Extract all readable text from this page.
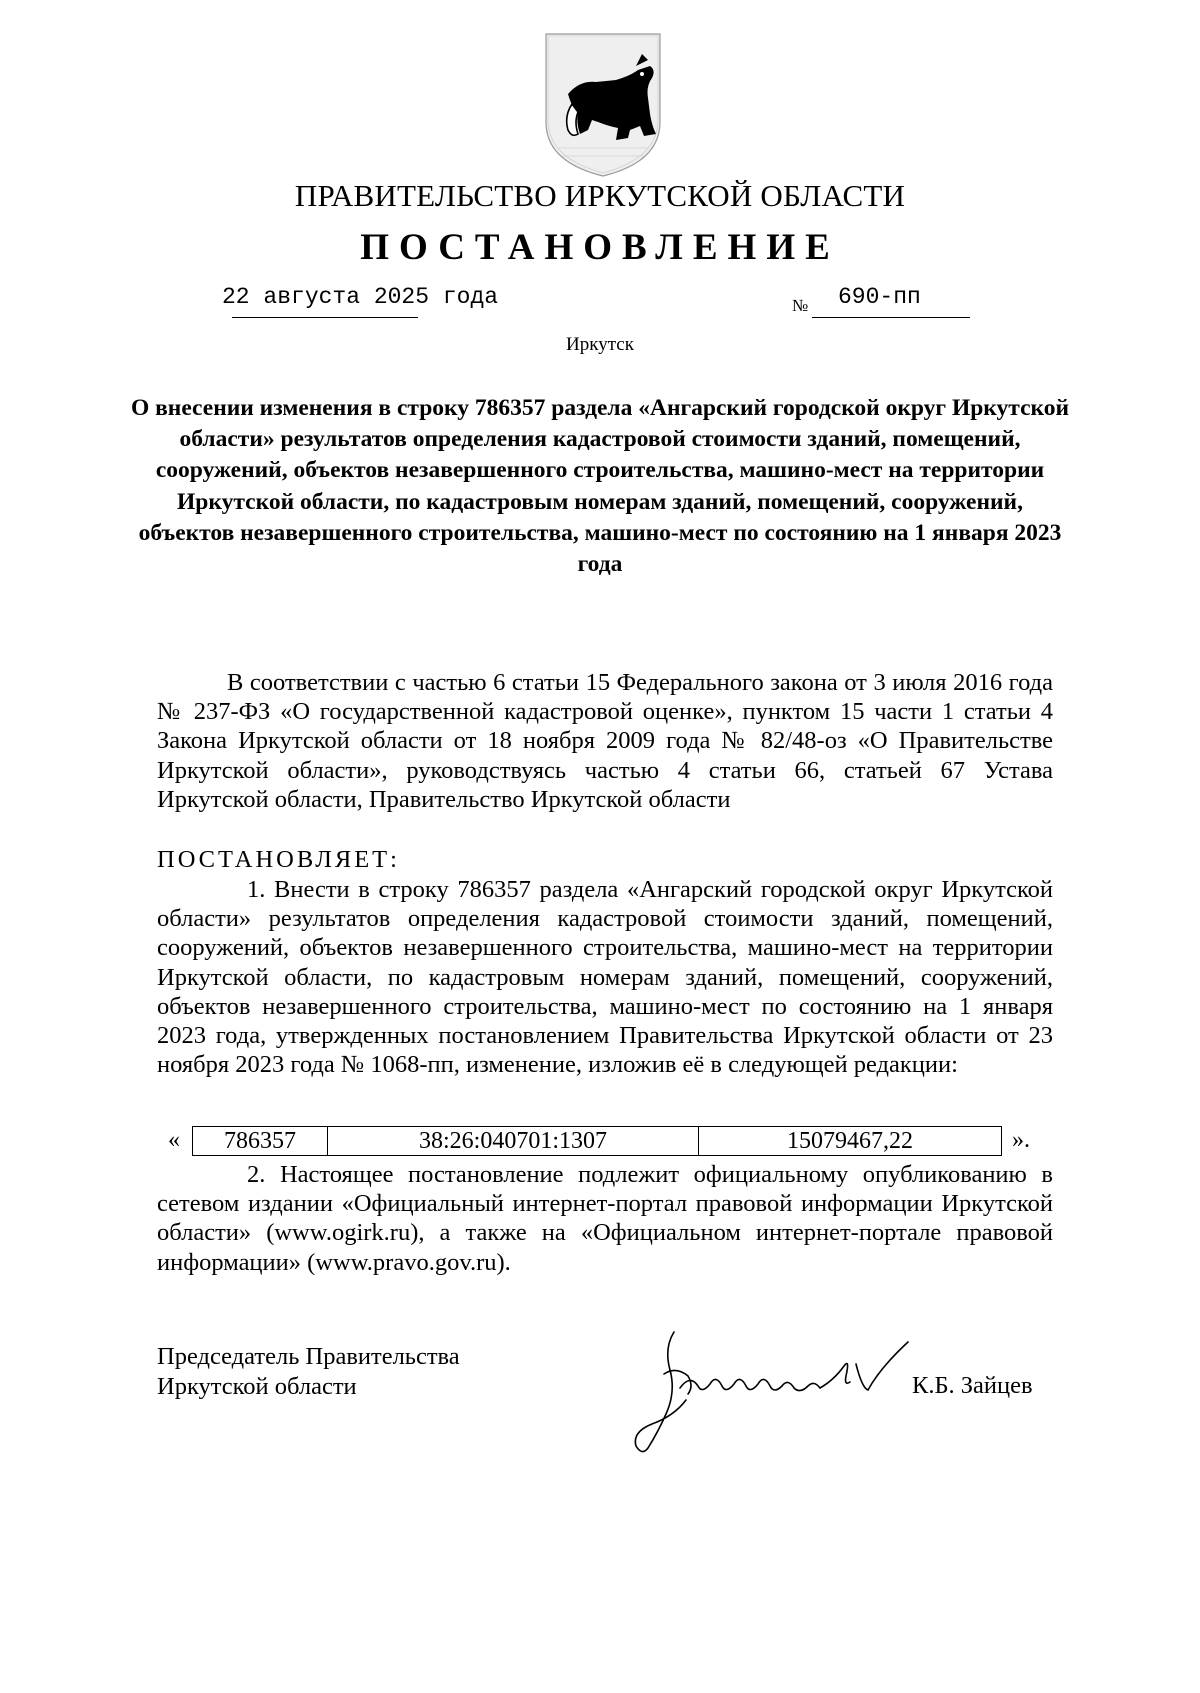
ПРАВИТЕЛЬСТВО ИРКУТСКОЙ ОБЛАСТИ
ПОСТАНОВЛЕНИЕ
22 августа 2025 года	№ 690-пп
Иркутск
О внесении изменения в строку 786357 раздела «Ангарский городской округ Иркутской области» результатов определения кадастровой стоимости зданий, помещений, сооружений, объектов незавершенного строительства, машино-мест на территории Иркутской области, по кадастровым номерам зданий, помещений, сооружений, объектов незавершенного строительства, машино-мест по состоянию на 1 января 2023 года
В соответствии с частью 6 статьи 15 Федерального закона от 3 июля 2016 года № 237-ФЗ «О государственной кадастровой оценке», пунктом 15 части 1 статьи 4 Закона Иркутской области от 18 ноября 2009 года № 82/48-оз «О Правительстве Иркутской области», руководствуясь частью 4 статьи 66, статьей 67 Устава Иркутской области, Правительство Иркутской области
ПОСТАНОВЛЯЕТ:
1. Внести в строку 786357 раздела «Ангарский городской округ Иркутской области» результатов определения кадастровой стоимости зданий, помещений, сооружений, объектов незавершенного строительства, машино-мест на территории Иркутской области, по кадастровым номерам зданий, помещений, сооружений, объектов незавершенного строительства, машино-мест по состоянию на 1 января 2023 года, утвержденных постановлением Правительства Иркутской области от 23 ноября 2023 года № 1068-пп, изменение, изложив её в следующей редакции:
« 786357	38:26:040701:1307	15079467,22	».
2. Настоящее постановление подлежит официальному опубликованию в сетевом издании «Официальный интернет-портал правовой информации Иркутской области» (www.ogirk.ru), а также на «Официальном интернет-портале правовой информации» (www.pravo.gov.ru).
Председатель Правительства
Иркутской области	К.Б. Зайцев
